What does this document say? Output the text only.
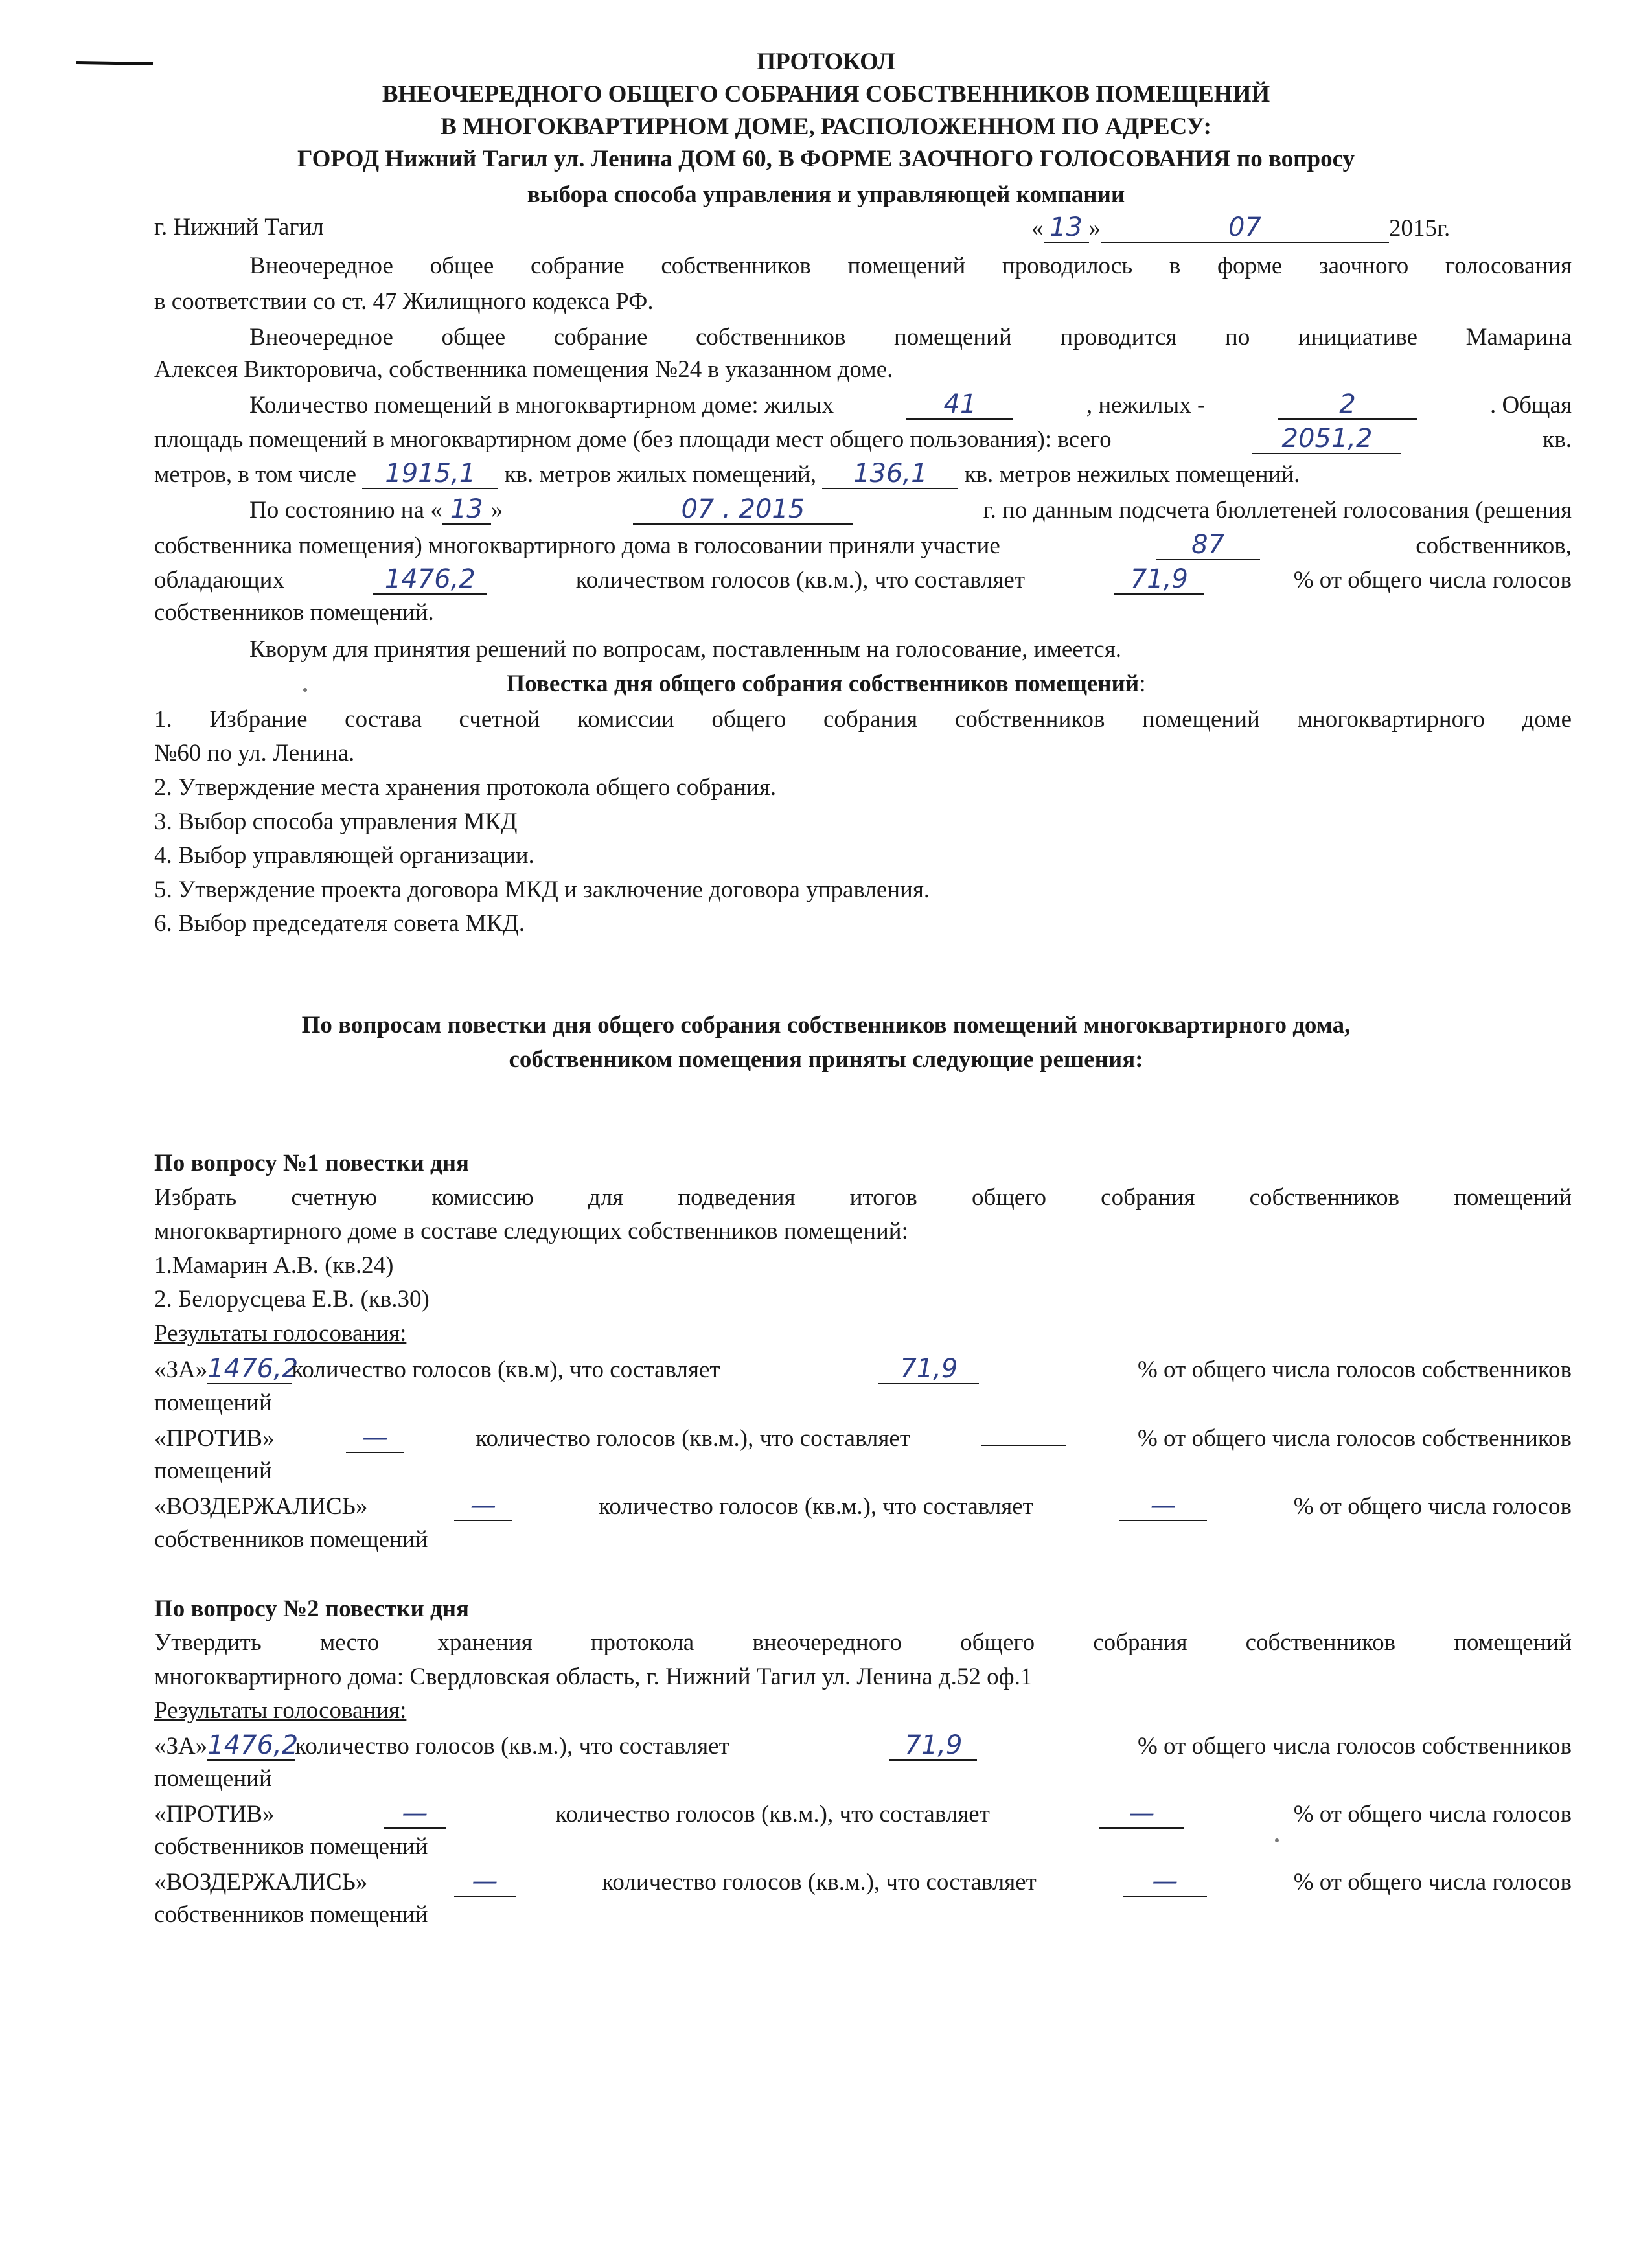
ПРОТОКОЛ
ВНЕОЧЕРЕДНОГО ОБЩЕГО СОБРАНИЯ СОБСТВЕННИКОВ ПОМЕЩЕНИЙ
В МНОГОКВАРТИРНОМ ДОМЕ, РАСПОЛОЖЕННОМ ПО АДРЕСУ:
ГОРОД Нижний Тагил ул. Ленина ДОМ 60, В ФОРМЕ ЗАОЧНОГО ГОЛОСОВАНИЯ по вопросу
выбора способа управления и управляющей компании
г. Нижний Тагил	« 13 »	07	2015г.
Внеочередное общее собрание собственников помещений проводилось в форме заочного голосования
в соответствии со ст. 47 Жилищного кодекса РФ.
Внеочередное общее собрание собственников помещений проводится по инициативе Мамарина
Алексея Викторовича, собственника помещения №24 в указанном доме.
Количество помещений в многоквартирном доме: жилых	41	, нежилых -	2	. Общая
площадь помещений в многоквартирном доме (без площади мест общего пользования): всего	2051,2	кв.
метров, в том числе 1915,1 кв. метров жилых помещений, 136,1 кв. метров нежилых помещений.
По состоянию на « 13 »	07 . 2015	г. по данным подсчета бюллетеней голосования (решения
собственника помещения) многоквартирного дома в голосовании приняли участие	87	собственников,
обладающих	1476,2	количеством голосов (кв.м.), что составляет	71,9	% от общего числа голосов
собственников помещений.
Кворум для принятия решений по вопросам, поставленным на голосование, имеется.
Повестка дня общего собрания собственников помещений:
1. Избрание состава счетной комиссии общего собрания собственников помещений многоквартирного доме
№60 по ул. Ленина.
2. Утверждение места хранения протокола общего собрания.
3. Выбор способа управления МКД
4. Выбор управляющей организации.
5. Утверждение проекта договора МКД и заключение договора управления.
6. Выбор председателя совета МКД.
По вопросам повестки дня общего собрания собственников помещений многоквартирного дома,
собственником помещения приняты следующие решения:
По вопросу №1 повестки дня
Избрать счетную комиссию для подведения итогов общего собрания собственников помещений
многоквартирного доме в составе следующих собственников помещений:
1.Мамарин А.В. (кв.24)
2. Белорусцева Е.В. (кв.30)
Результаты голосования:
«ЗА»1476,2количество голосов (кв.м), что составляет	71,9	% от общего числа голосов собственников
помещений
«ПРОТИВ»	—	количество голосов (кв.м.), что составляет	% от общего числа голосов собственников
помещений
«ВОЗДЕРЖАЛИСЬ»	—	количество голосов (кв.м.), что составляет	—	% от общего числа голосов
собственников помещений
По вопросу №2 повестки дня
Утвердить место хранения протокола внеочередного общего собрания собственников помещений
многоквартирного дома: Свердловская область, г. Нижний Тагил ул. Ленина д.52 оф.1
Результаты голосования:
«ЗА»1476,2количество голосов (кв.м.), что составляет	71,9	% от общего числа голосов собственников
помещений
«ПРОТИВ»	—	количество голосов (кв.м.), что составляет	—	% от общего числа голосов
собственников помещений
«ВОЗДЕРЖАЛИСЬ»	—	количество голосов (кв.м.), что составляет	—	% от общего числа голосов
собственников помещений
